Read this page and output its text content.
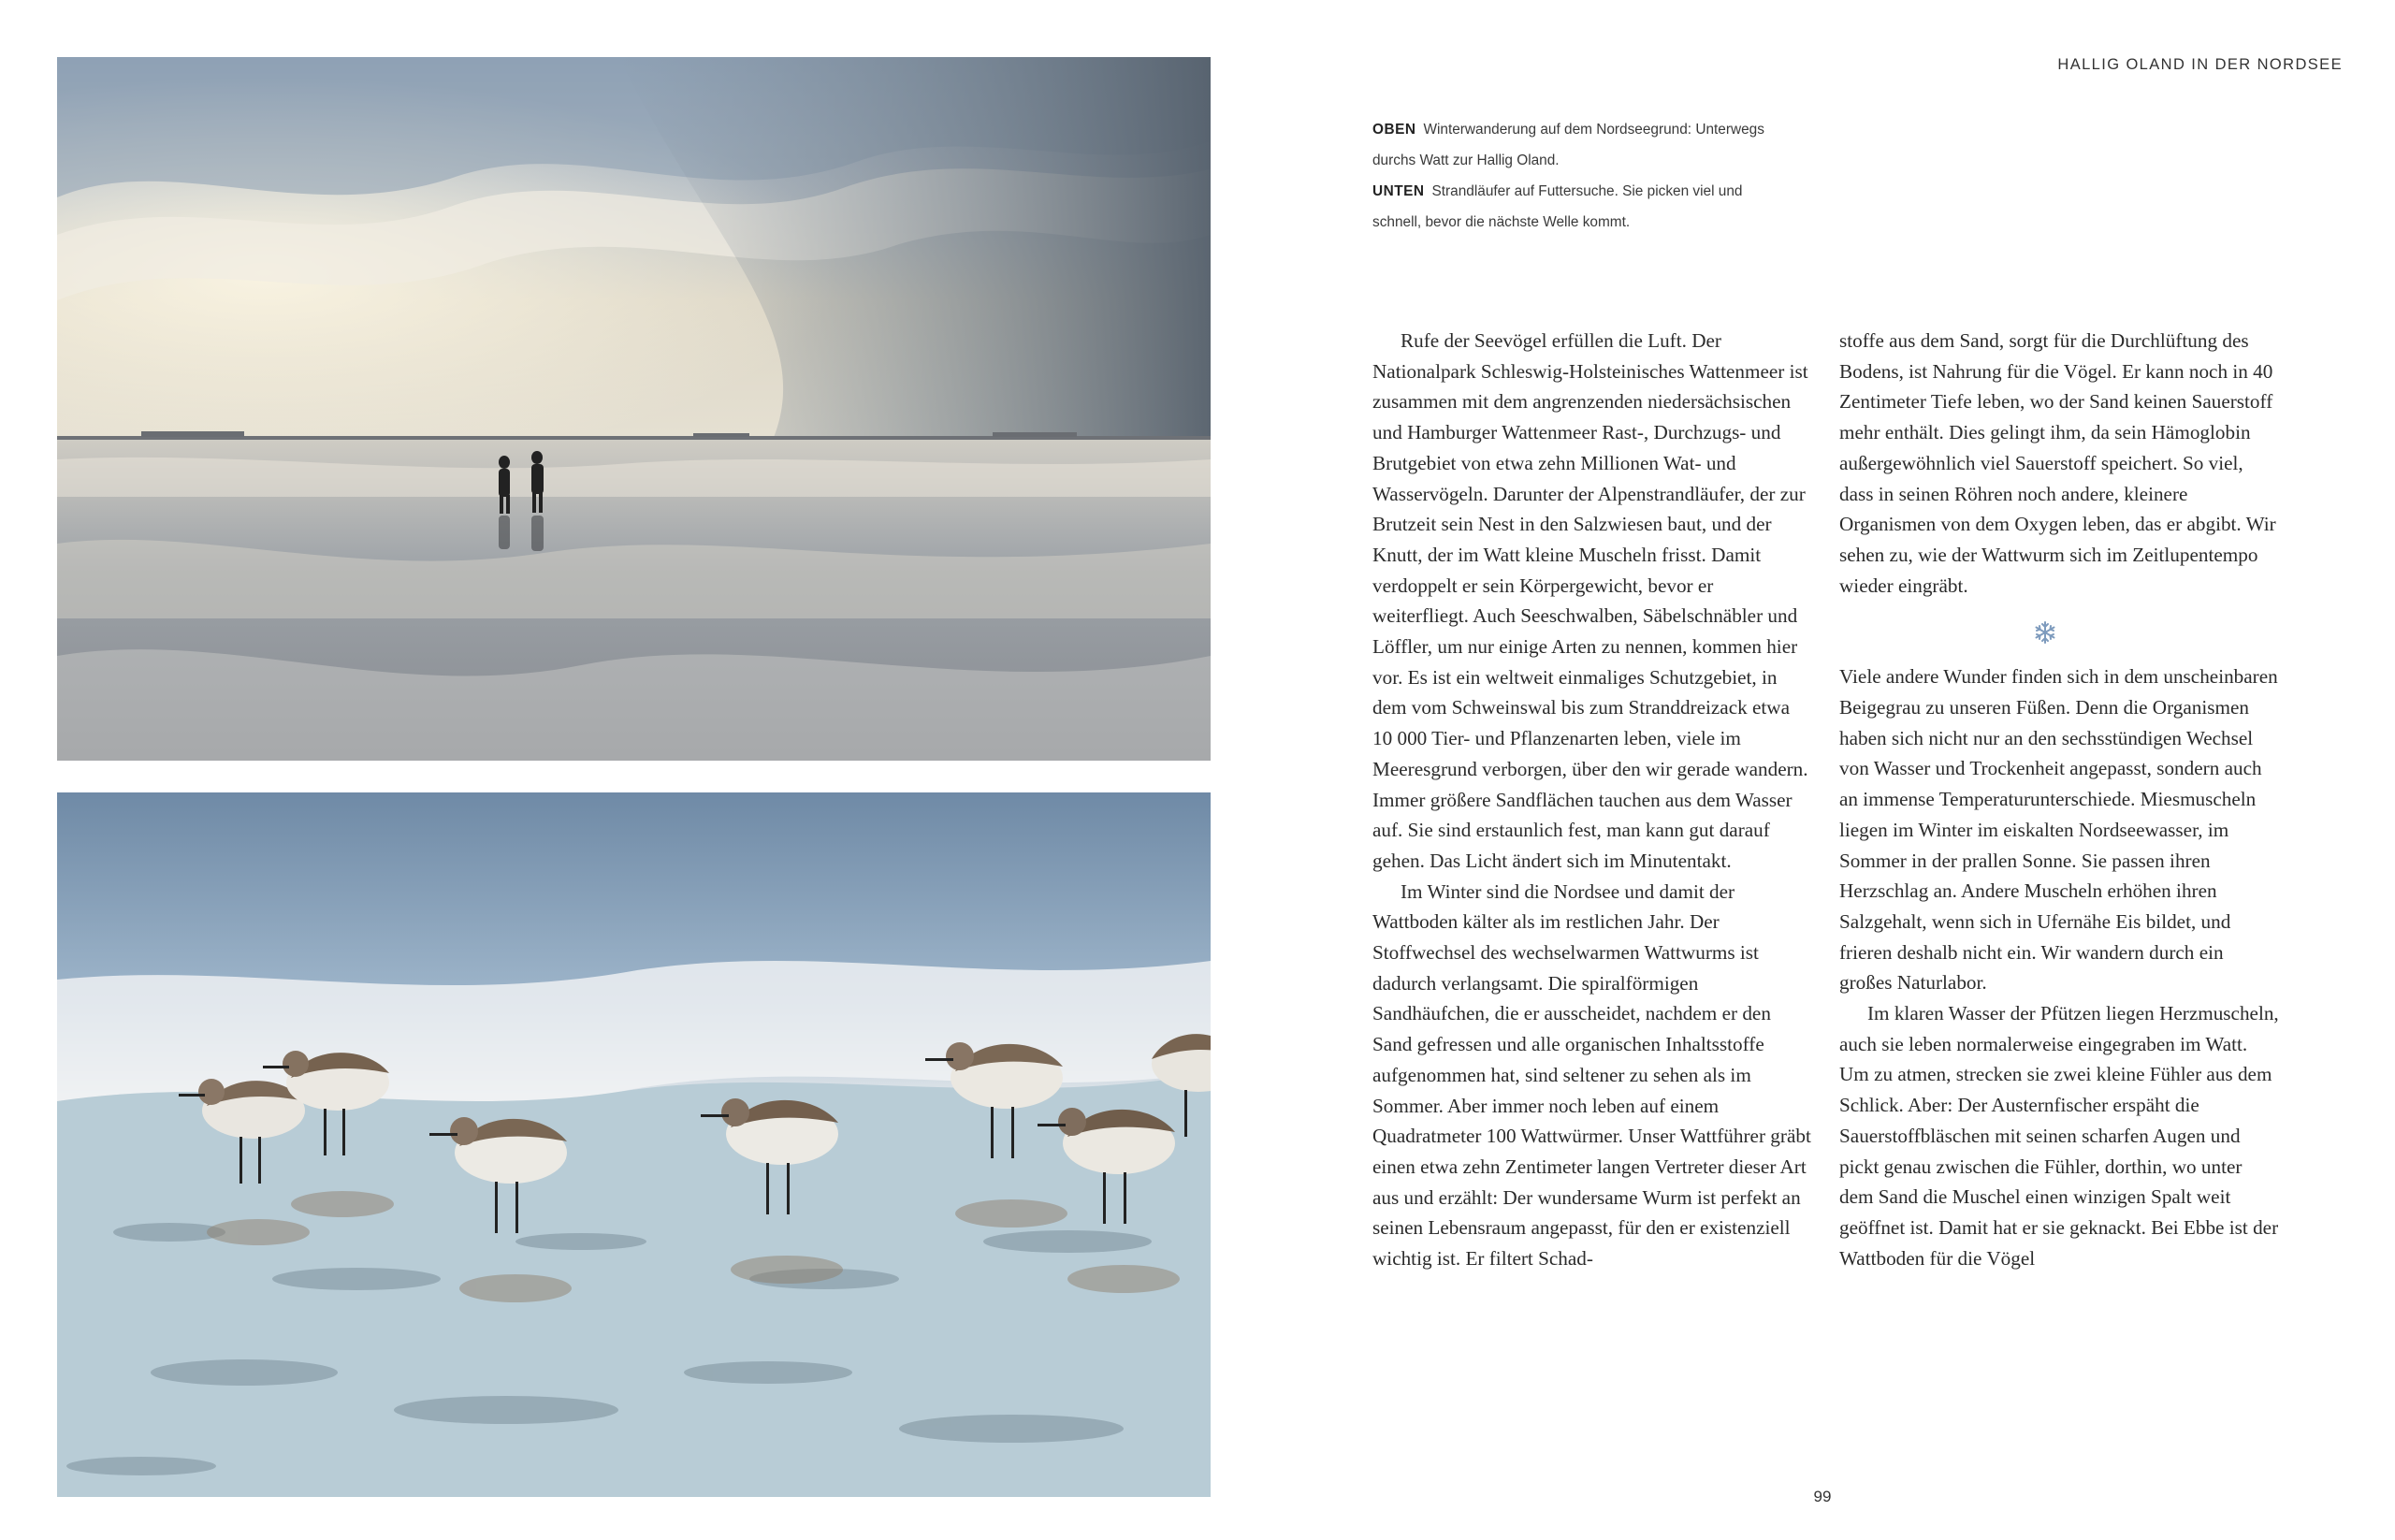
HALLIG OLAND IN DER NORDSEE

OBEN Winterwanderung auf dem Nordseegrund: Unterwegs
durchs Watt zur Hallig Oland.

UNTEN Strandläufer auf Futtersuche. Sie picken viel und
schnell, bevor die nächste Welle kommt.

Rufe der Seevögel erfüllen die Luft. Der Nationalpark Schleswig-Holsteinisches Wattenmeer ist zusammen mit dem angrenzenden niedersächsischen und Hamburger Wattenmeer Rast-, Durchzugs- und Brutgebiet von etwa zehn Millionen Wat- und Wasservögeln. Darunter der Alpenstrandläufer, der zur Brutzeit sein Nest in den Salzwiesen baut, und der Knutt, der im Watt kleine Muscheln frisst. Damit verdoppelt er sein Körpergewicht, bevor er weiterfliegt. Auch Seeschwalben, Säbelschnäbler und Löffler, um nur einige Arten zu nennen, kommen hier vor. Es ist ein weltweit einmaliges Schutzgebiet, in dem vom Schweinswal bis zum Stranddreizack etwa 10 000 Tier- und Pflanzenarten leben, viele im Meeresgrund verborgen, über den wir gerade wandern. Immer größere Sandflächen tauchen aus dem Wasser auf. Sie sind erstaunlich fest, man kann gut darauf gehen. Das Licht ändert sich im Minutentakt.

Im Winter sind die Nordsee und damit der Wattboden kälter als im restlichen Jahr. Der Stoffwechsel des wechselwarmen Wattwurms ist dadurch verlangsamt. Die spiralförmigen Sandhäufchen, die er ausscheidet, nachdem er den Sand gefressen und alle organischen Inhaltsstoffe aufgenommen hat, sind seltener zu sehen als im Sommer. Aber immer noch leben auf einem Quadratmeter 100 Wattwürmer. Unser Wattführer gräbt einen etwa zehn Zentimeter langen Vertreter dieser Art aus und erzählt: Der wundersame Wurm ist perfekt an seinen Lebensraum angepasst, für den er existenziell wichtig ist. Er filtert Schad-

stoffe aus dem Sand, sorgt für die Durchlüftung des Bodens, ist Nahrung für die Vögel. Er kann noch in 40 Zentimeter Tiefe leben, wo der Sand keinen Sauerstoff mehr enthält. Dies gelingt ihm, da sein Hämoglobin außergewöhnlich viel Sauerstoff speichert. So viel, dass in seinen Röhren noch andere, kleinere Organismen von dem Oxygen leben, das er abgibt. Wir sehen zu, wie der Wattwurm sich im Zeitlupentempo wieder eingräbt.

Viele andere Wunder finden sich in dem unscheinbaren Beigegrau zu unseren Füßen. Denn die Organismen haben sich nicht nur an den sechsstündigen Wechsel von Wasser und Trockenheit angepasst, sondern auch an immense Temperaturunterschiede. Miesmuscheln liegen im Winter im eiskalten Nordseewasser, im Sommer in der prallen Sonne. Sie passen ihren Herzschlag an. Andere Muscheln erhöhen ihren Salzgehalt, wenn sich in Ufernähe Eis bildet, und frieren deshalb nicht ein. Wir wandern durch ein großes Naturlabor.

Im klaren Wasser der Pfützen liegen Herzmuscheln, auch sie leben normalerweise eingegraben im Watt. Um zu atmen, strecken sie zwei kleine Fühler aus dem Schlick. Aber: Der Austernfischer erspäht die Sauerstoffbläschen mit seinen scharfen Augen und pickt genau zwischen die Fühler, dorthin, wo unter dem Sand die Muschel einen winzigen Spalt weit geöffnet ist. Damit hat er sie geknackt. Bei Ebbe ist der Wattboden für die Vögel

99
